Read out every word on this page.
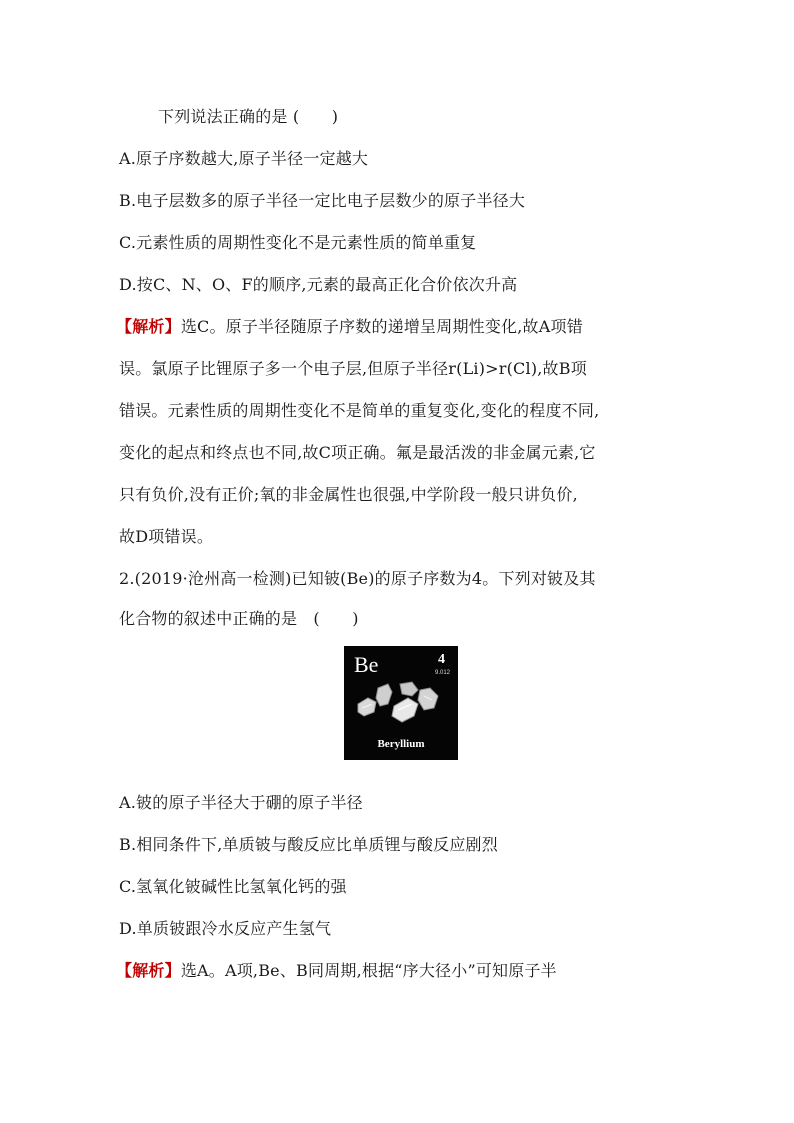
下列说法正确的是 (　　)
A.原子序数越大,原子半径一定越大
B.电子层数多的原子半径一定比电子层数少的原子半径大
C.元素性质的周期性变化不是元素性质的简单重复
D.按C、N、O、F的顺序,元素的最高正化合价依次升高
【解析】选C。原子半径随原子序数的递增呈周期性变化,故A项错
误。氯原子比锂原子多一个电子层,但原子半径r(Li)>r(Cl),故B项
错误。元素性质的周期性变化不是简单的重复变化,变化的程度不同,
变化的起点和终点也不同,故C项正确。氟是最活泼的非金属元素,它
只有负价,没有正价;氧的非金属性也很强,中学阶段一般只讲负价,
故D项错误。
2.(2019·沧州高一检测)已知铍(Be)的原子序数为4。下列对铍及其
化合物的叙述中正确的是　(　　)
Be	4
9.012
Beryllium
A.铍的原子半径大于硼的原子半径
B.相同条件下,单质铍与酸反应比单质锂与酸反应剧烈
C.氢氧化铍碱性比氢氧化钙的强
D.单质铍跟冷水反应产生氢气
【解析】选A。A项,Be、B同周期,根据“序大径小”可知原子半
